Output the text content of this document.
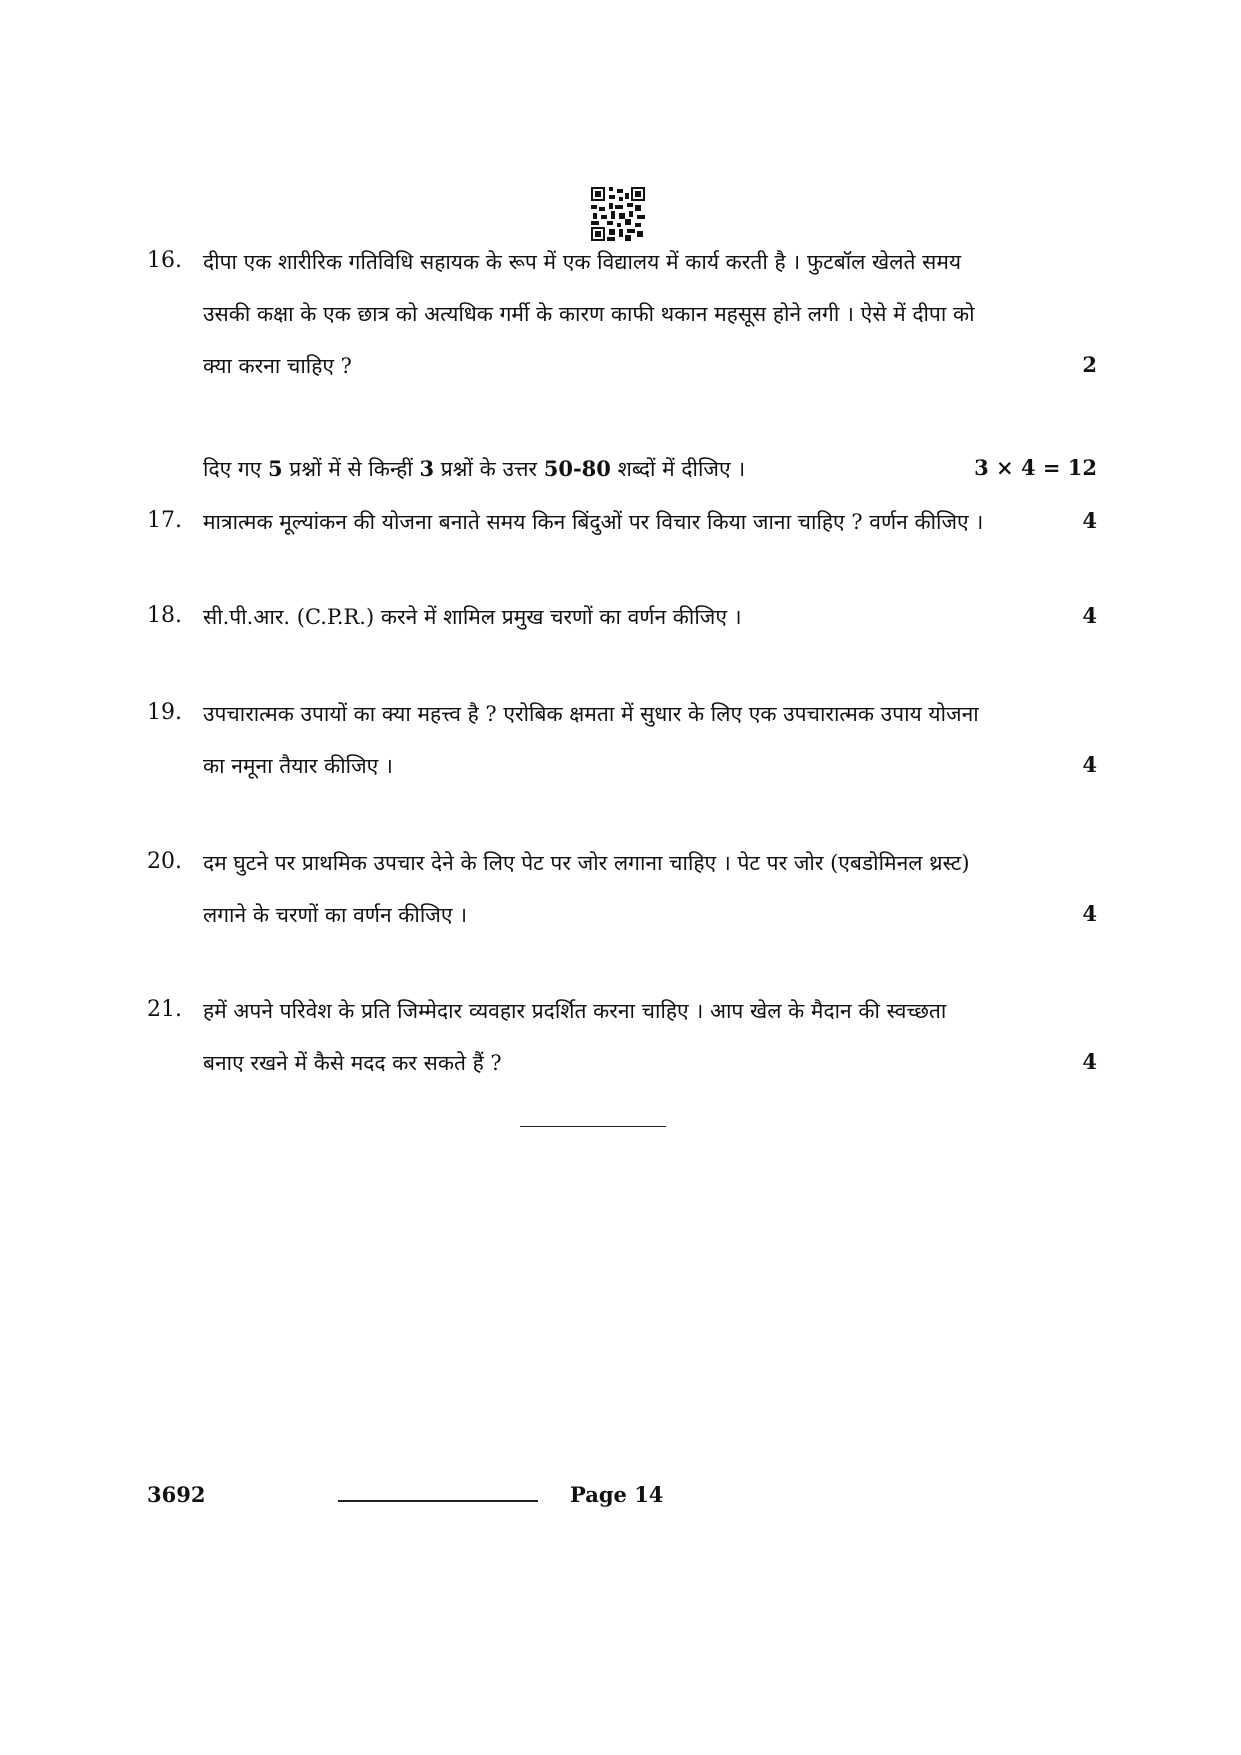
16. दीपा एक शारीरिक गतिविधि सहायक के रूप में एक विद्यालय में कार्य करती है । फुटबॉल खेलते समय
उसकी कक्षा के एक छात्र को अत्यधिक गर्मी के कारण काफी थकान महसूस होने लगी । ऐसे में दीपा को
क्या करना चाहिए ?	2
दिए गए 5 प्रश्नों में से किन्हीं 3 प्रश्नों के उत्तर 50-80 शब्दों में दीजिए ।	3 × 4 = 12
17. मात्रात्मक मूल्यांकन की योजना बनाते समय किन बिंदुओं पर विचार किया जाना चाहिए ? वर्णन कीजिए ।	4
18. सी.पी.आर. (C.P.R.) करने में शामिल प्रमुख चरणों का वर्णन कीजिए ।	4
19. उपचारात्मक उपायों का क्या महत्त्व है ? एरोबिक क्षमता में सुधार के लिए एक उपचारात्मक उपाय योजना
का नमूना तैयार कीजिए ।	4
20. दम घुटने पर प्राथमिक उपचार देने के लिए पेट पर जोर लगाना चाहिए । पेट पर जोर (एबडोमिनल थ्रस्ट)
लगाने के चरणों का वर्णन कीजिए ।	4
21. हमें अपने परिवेश के प्रति जिम्मेदार व्यवहार प्रदर्शित करना चाहिए । आप खेल के मैदान की स्वच्छता
बनाए रखने में कैसे मदद कर सकते हैं ?	4
3692	Page 14
